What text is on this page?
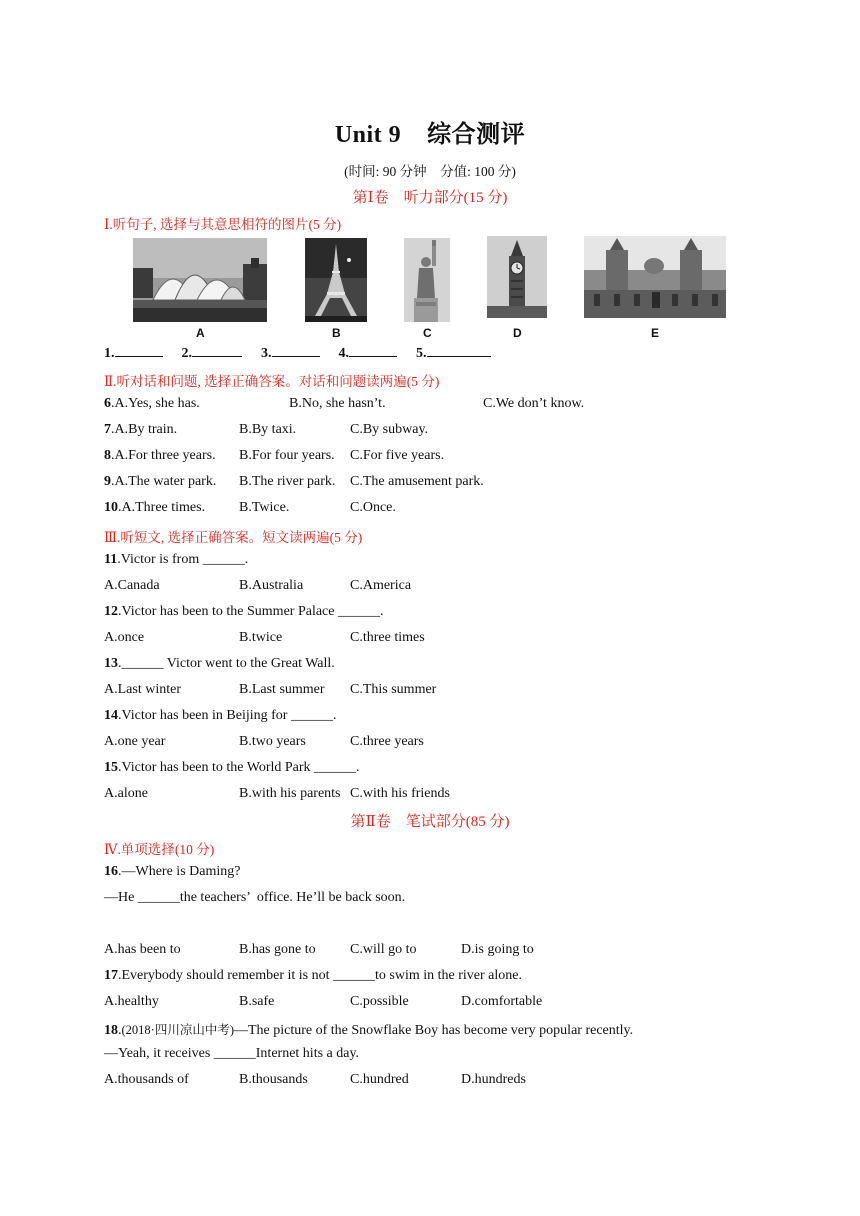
Unit 9    综合测评
(时间: 90 分钟    分值: 100 分)
第Ⅰ卷    听力部分(15 分)
Ⅰ.听句子, 选择与其意思相符的图片(5 分)
A	B	C	D	E
1.	2.	3.	4.	5.
Ⅱ.听对话和问题, 选择正确答案。对话和问题读两遍(5 分)
6.A.Yes, she has.	B.No, she hasn’t.	C.We don’t know.
7.A.By train.	B.By taxi.	C.By subway.
8.A.For three years. B.For four years. C.For five years.
9.A.The water park. B.The river park. C.The amusement park.
10.A.Three times. B.Twice.	C.Once.
Ⅲ.听短文, 选择正确答案。短文读两遍(5 分)
11.Victor is from ______.
A.Canada	B.Australia	C.America
12.Victor has been to the Summer Palace ______.
A.once	B.twice	C.three times
13.______ Victor went to the Great Wall.
A.Last winter	B.Last summer C.This summer
14.Victor has been in Beijing for ______.
A.one year	B.two years	C.three years
15.Victor has been to the World Park ______.
A.alone	B.with his parents C.with his friends
第Ⅱ卷    笔试部分(85 分)
Ⅳ.单项选择(10 分)
16.—Where is Daming?
—He ______the teachers’  office. He’ll be back soon.
A.has been to	B.has gone to C.will go to	D.is going to
17.Everybody should remember it is not ______to swim in the river alone.
A.healthy	B.safe	C.possible	D.comfortable
18.(2018·四川凉山中考)—The picture of the Snowflake Boy has become very popular recently.
—Yeah, it receives ______Internet hits a day.
A.thousands of	B.thousands	C.hundred	D.hundreds
